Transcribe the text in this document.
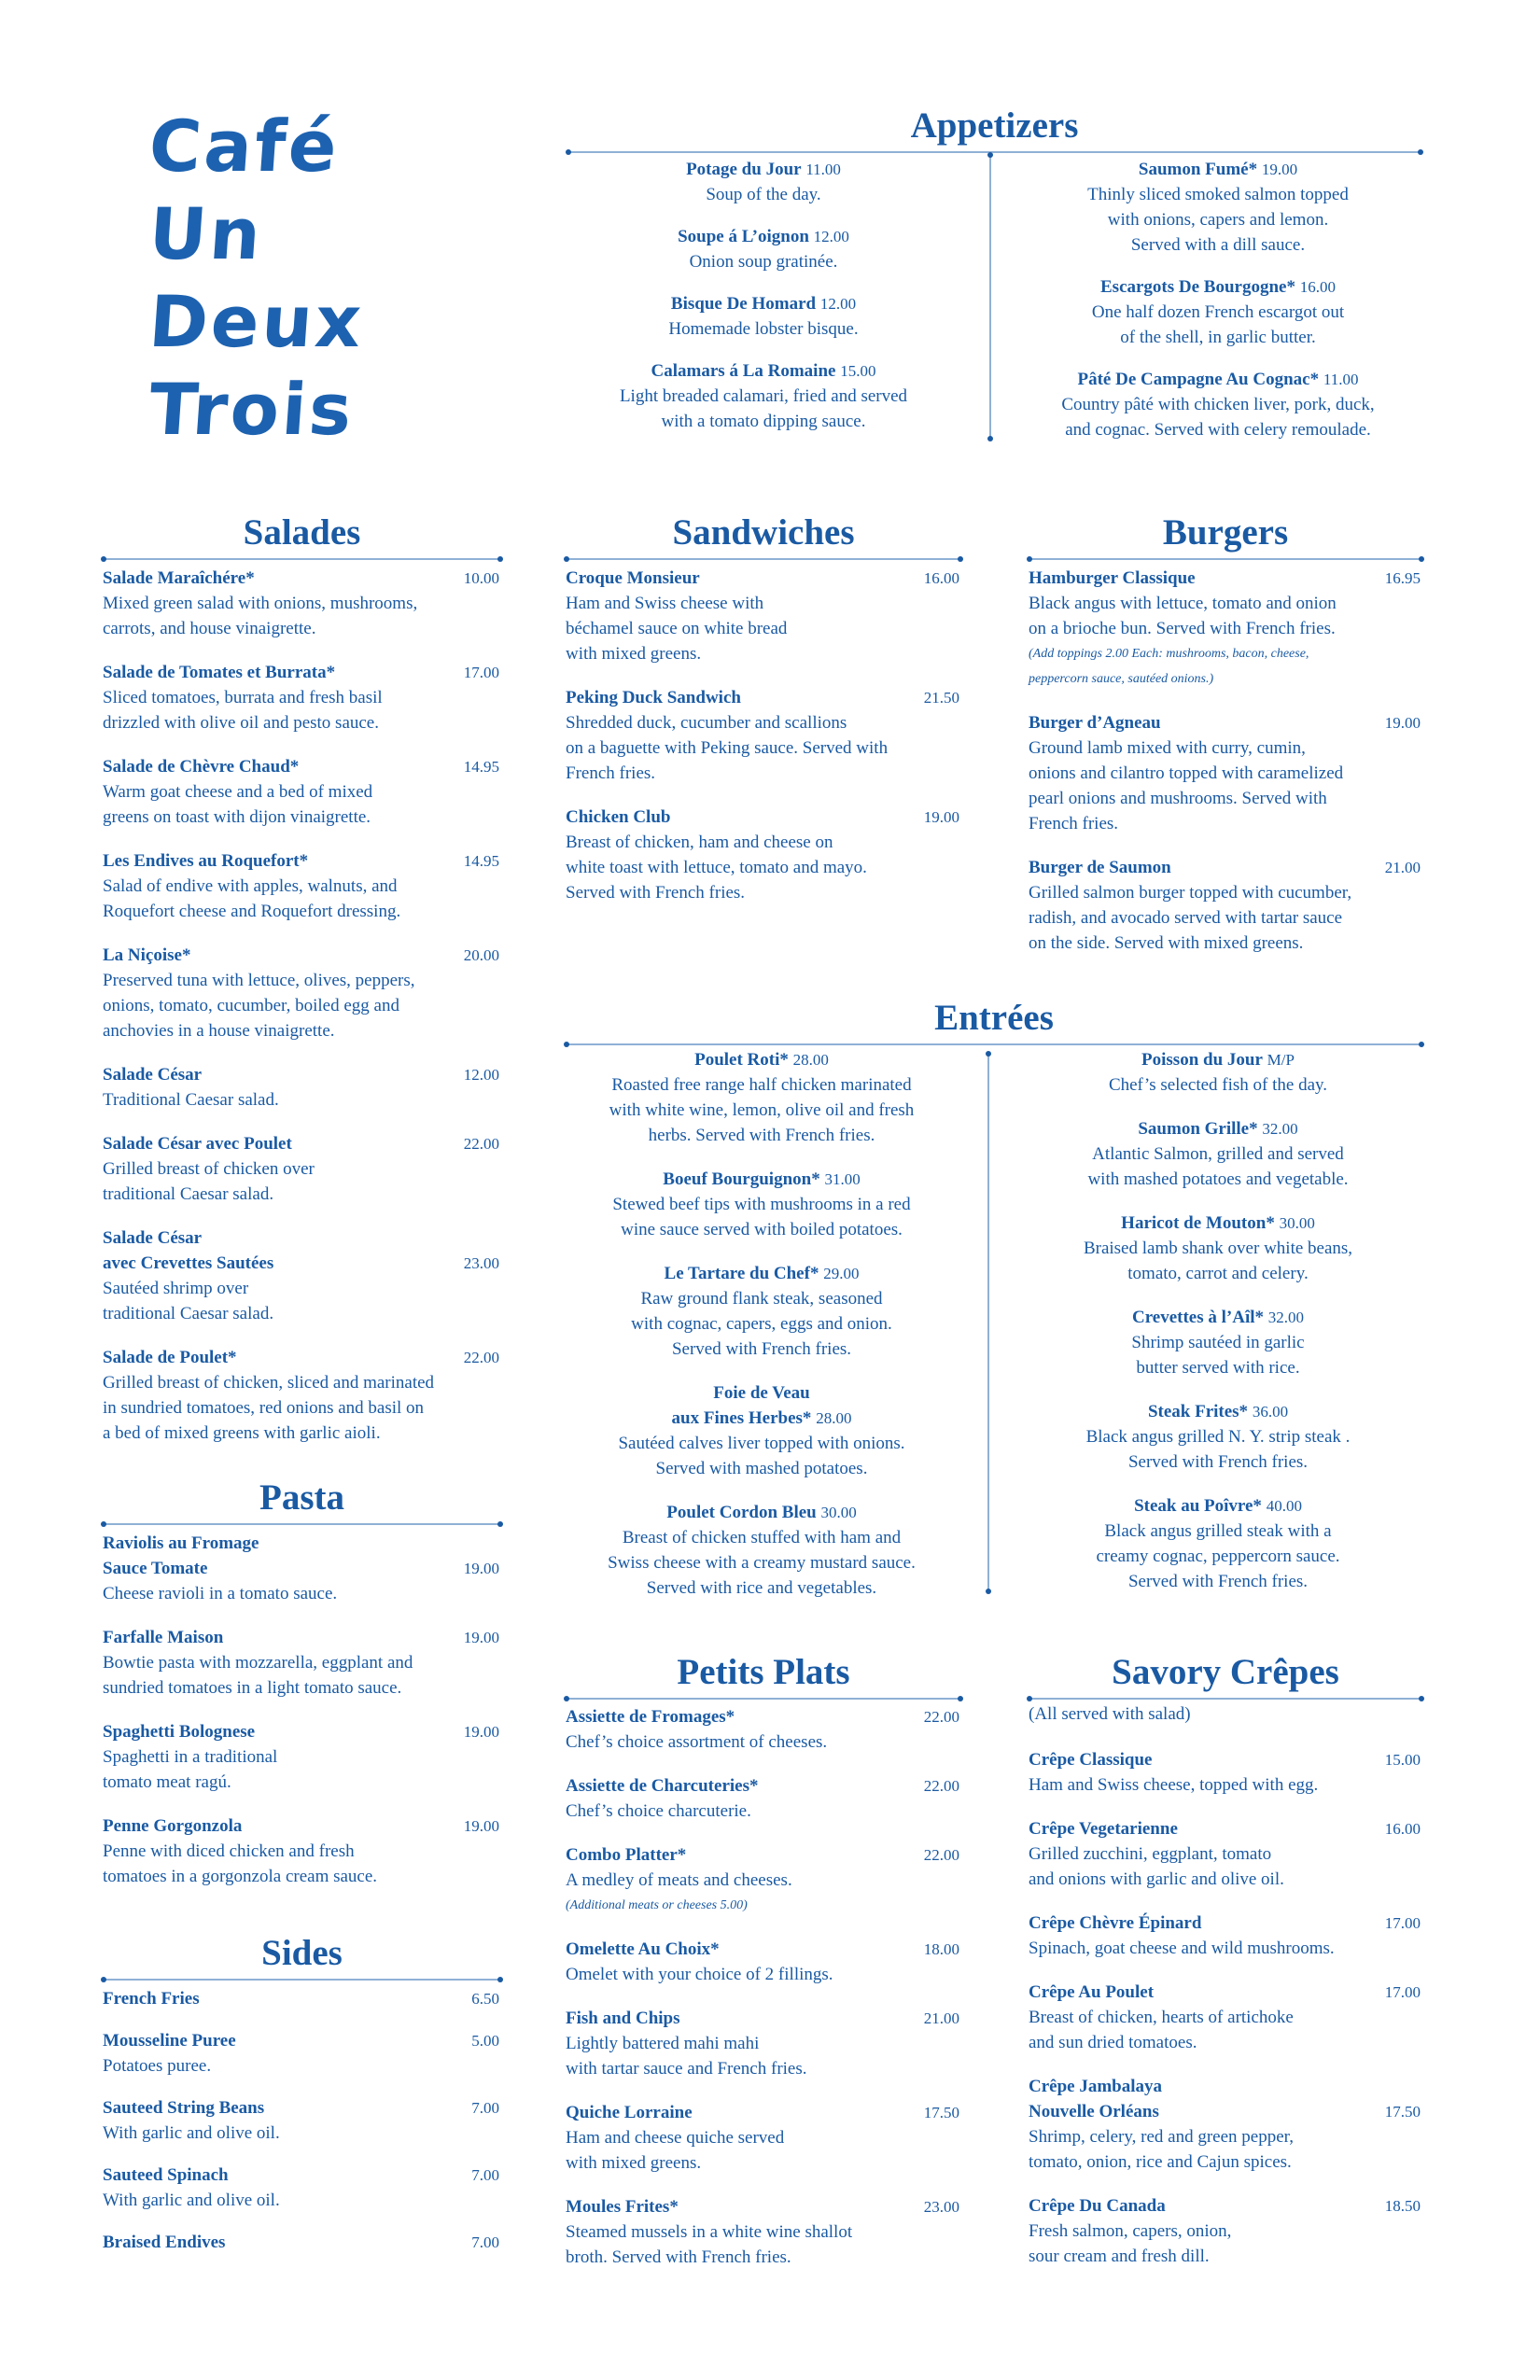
Café
Un
Deux
Trois
Appetizers
Potage du Jour 11.00
Soup of the day.
Soupe á L’oignon 12.00
Onion soup gratinée.
Bisque De Homard 12.00
Homemade lobster bisque.
Calamars á La Romaine 15.00
Light breaded calamari, fried and served
with a tomato dipping sauce.
Saumon Fumé* 19.00
Thinly sliced smoked salmon topped
with onions, capers and lemon.
Served with a dill sauce.
Escargots De Bourgogne* 16.00
One half dozen French escargot out
of the shell, in garlic butter.
Pâté De Campagne Au Cognac* 11.00
Country pâté with chicken liver, pork, duck,
and cognac. Served with celery remoulade.
Salades
Salade Maraîchére*	10.00
Mixed green salad with onions, mushrooms,
carrots, and house vinaigrette.
Salade de Tomates et Burrata*	17.00
Sliced tomatoes, burrata and fresh basil
drizzled with olive oil and pesto sauce.
Salade de Chèvre Chaud*	14.95
Warm goat cheese and a bed of mixed
greens on toast with dijon vinaigrette.
Les Endives au Roquefort*	14.95
Salad of endive with apples, walnuts, and
Roquefort cheese and Roquefort dressing.
La Niçoise*	20.00
Preserved tuna with lettuce, olives, peppers,
onions, tomato, cucumber, boiled egg and
anchovies in a house vinaigrette.
Salade César	12.00
Traditional Caesar salad.
Salade César avec Poulet	22.00
Grilled breast of chicken over
traditional Caesar salad.
Salade César
avec Crevettes Sautées	23.00
Sautéed shrimp over
traditional Caesar salad.
Salade de Poulet*	22.00
Grilled breast of chicken, sliced and marinated
in sundried tomatoes, red onions and basil on
a bed of mixed greens with garlic aioli.
Pasta
Raviolis au Fromage
Sauce Tomate	19.00
Cheese ravioli in a tomato sauce.
Farfalle Maison	19.00
Bowtie pasta with mozzarella, eggplant and
sundried tomatoes in a light tomato sauce.
Spaghetti Bolognese	19.00
Spaghetti in a traditional
tomato meat ragú.
Penne Gorgonzola	19.00
Penne with diced chicken and fresh
tomatoes in a gorgonzola cream sauce.
Sides
French Fries	6.50
Mousseline Puree	5.00
Potatoes puree.
Sauteed String Beans	7.00
With garlic and olive oil.
Sauteed Spinach	7.00
With garlic and olive oil.
Braised Endives	7.00
Sandwiches
Croque Monsieur	16.00
Ham and Swiss cheese with
béchamel sauce on white bread
with mixed greens.
Peking Duck Sandwich	21.50
Shredded duck, cucumber and scallions
on a baguette with Peking sauce. Served with
French fries.
Chicken Club	19.00
Breast of chicken, ham and cheese on
white toast with lettuce, tomato and mayo.
Served with French fries.
Burgers
Hamburger Classique	16.95
Black angus with lettuce, tomato and onion
on a brioche bun. Served with French fries.
(Add toppings 2.00 Each: mushrooms, bacon, cheese,
peppercorn sauce, sautéed onions.)
Burger d’Agneau	19.00
Ground lamb mixed with curry, cumin,
onions and cilantro topped with caramelized
pearl onions and mushrooms. Served with
French fries.
Burger de Saumon	21.00
Grilled salmon burger topped with cucumber,
radish, and avocado served with tartar sauce
on the side. Served with mixed greens.
Entrées
Poulet Roti* 28.00
Roasted free range half chicken marinated
with white wine, lemon, olive oil and fresh
herbs. Served with French fries.
Boeuf Bourguignon* 31.00
Stewed beef tips with mushrooms in a red
wine sauce served with boiled potatoes.
Le Tartare du Chef* 29.00
Raw ground flank steak, seasoned
with cognac, capers, eggs and onion.
Served with French fries.
Foie de Veau
aux Fines Herbes* 28.00
Sautéed calves liver topped with onions.
Served with mashed potatoes.
Poulet Cordon Bleu 30.00
Breast of chicken stuffed with ham and
Swiss cheese with a creamy mustard sauce.
Served with rice and vegetables.
Poisson du Jour M/P
Chef’s selected fish of the day.
Saumon Grille* 32.00
Atlantic Salmon, grilled and served
with mashed potatoes and vegetable.
Haricot de Mouton* 30.00
Braised lamb shank over white beans,
tomato, carrot and celery.
Crevettes à l’Aîl* 32.00
Shrimp sautéed in garlic
butter served with rice.
Steak Frites* 36.00
Black angus grilled N. Y. strip steak .
Served with French fries.
Steak au Poîvre* 40.00
Black angus grilled steak with a
creamy cognac, peppercorn sauce.
Served with French fries.
Petits Plats
Assiette de Fromages*	22.00
Chef’s choice assortment of cheeses.
Assiette de Charcuteries*	22.00
Chef’s choice charcuterie.
Combo Platter*	22.00
A medley of meats and cheeses.
(Additional meats or cheeses 5.00)
Omelette Au Choix*	18.00
Omelet with your choice of 2 fillings.
Fish and Chips	21.00
Lightly battered mahi mahi
with tartar sauce and French fries.
Quiche Lorraine	17.50
Ham and cheese quiche served
with mixed greens.
Moules Frites*	23.00
Steamed mussels in a white wine shallot
broth. Served with French fries.
Savory Crêpes
(All served with salad)
Crêpe Classique	15.00
Ham and Swiss cheese, topped with egg.
Crêpe Vegetarienne	16.00
Grilled zucchini, eggplant, tomato
and onions with garlic and olive oil.
Crêpe Chèvre Épinard	17.00
Spinach, goat cheese and wild mushrooms.
Crêpe Au Poulet	17.00
Breast of chicken, hearts of artichoke
and sun dried tomatoes.
Crêpe Jambalaya
Nouvelle Orléans	17.50
Shrimp, celery, red and green pepper,
tomato, onion, rice and Cajun spices.
Crêpe Du Canada	18.50
Fresh salmon, capers, onion,
sour cream and fresh dill.
